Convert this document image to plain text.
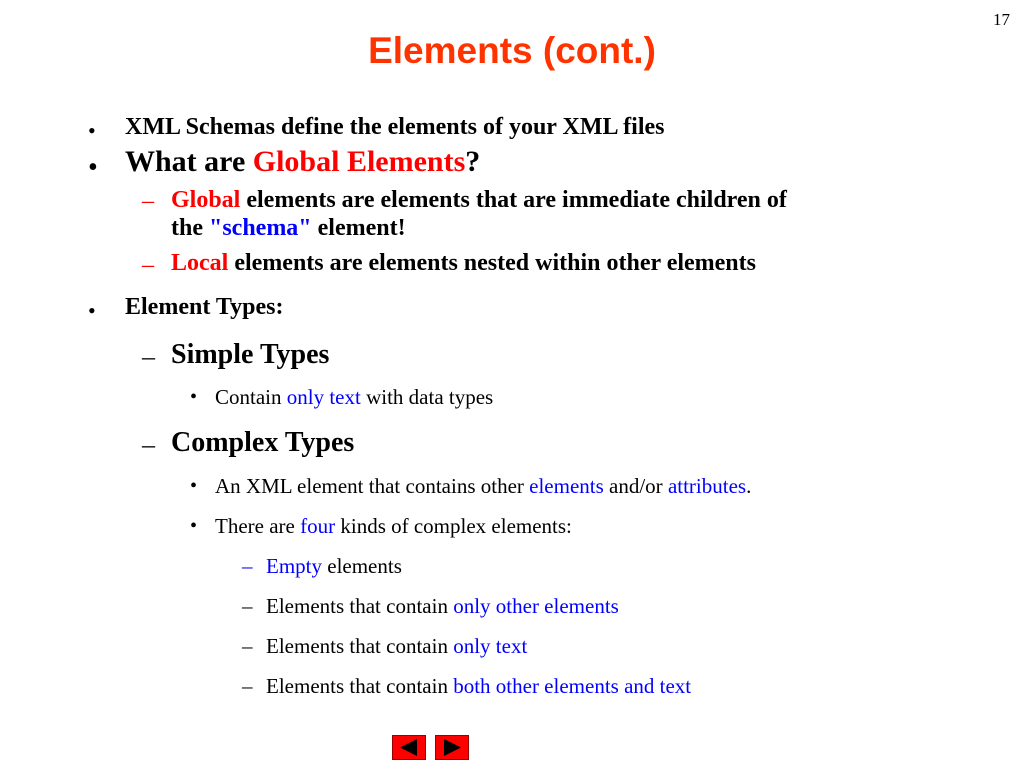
17
Elements (cont.)
• XML Schemas define the elements of your XML files
• What are Global Elements?
– Global elements are elements that are immediate children of
the "schema" element!
– Local elements are elements nested within other elements
• Element Types:
– Simple Types
• Contain only text with data types
– Complex Types
• An XML element that contains other elements and/or attributes.
• There are four kinds of complex elements:
– Empty elements
– Elements that contain only other elements
– Elements that contain only text
– Elements that contain both other elements and text
